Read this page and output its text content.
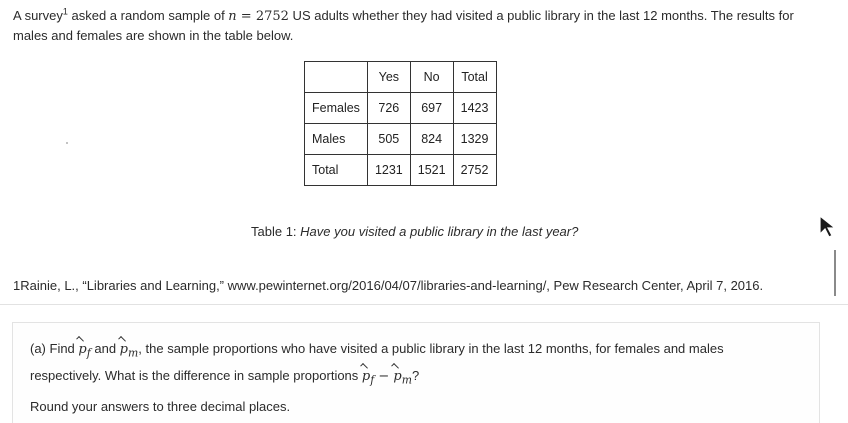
A survey$^1$ asked a random sample of n = 2752 US adults whether they had visited a public library in the last 12 months. The results for males and females are shown in the table below.
	Yes	No	Total
Females	726	697	1423
Males	505	824	1329
Total	1231	1521	2752
Table 1: Have you visited a public library in the last year?
1Rainie, L., “Libraries and Learning,” www.pewinternet.org/2016/04/07/libraries-and-learning/, Pew Research Center, April 7, 2016.
(a) Find $p_f$ and $p_m$, the sample proportions who have visited a public library in the last 12 months, for females and males respectively. What is the difference in sample proportions $p_f - p_m$?
Round your answers to three decimal places.
